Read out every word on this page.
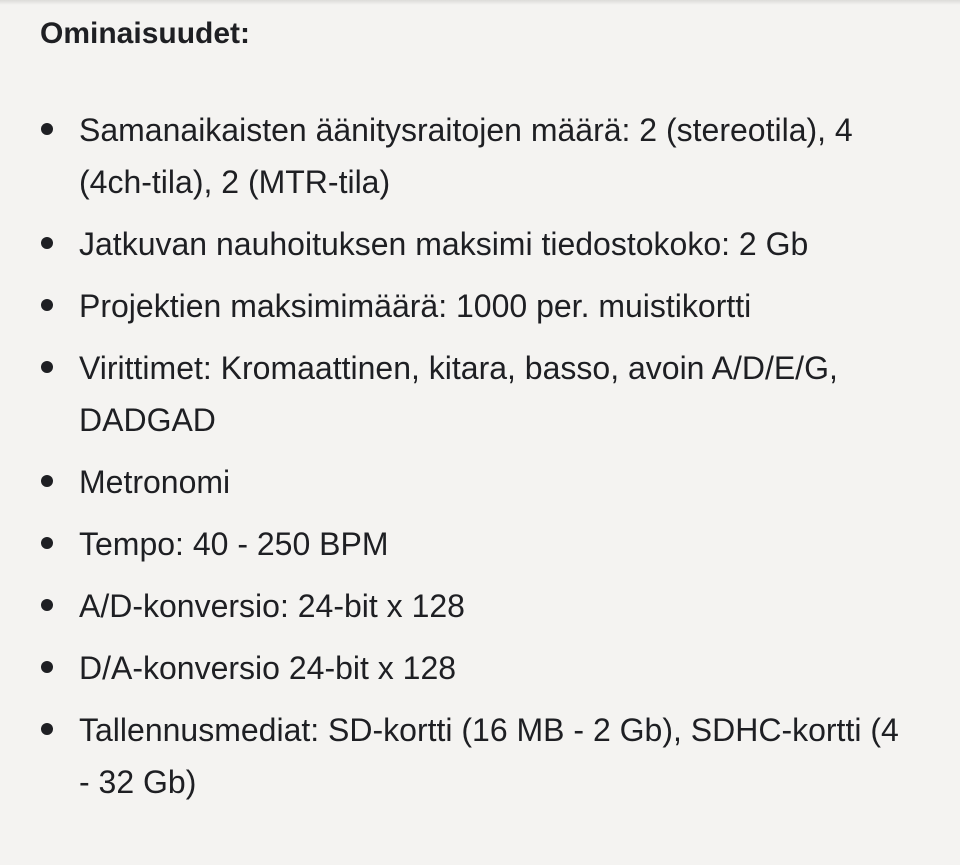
Ominaisuudet:
Samanaikaisten äänitysraitojen määrä: 2 (stereotila), 4 (4ch-tila), 2 (MTR-tila)
Jatkuvan nauhoituksen maksimi tiedostokoko: 2 Gb
Projektien maksimimäärä: 1000 per. muistikortti
Virittimet: Kromaattinen, kitara, basso, avoin A/D/E/G, DADGAD
Metronomi
Tempo: 40 - 250 BPM
A/D-konversio: 24-bit x 128
D/A-konversio 24-bit x 128
Tallennusmediat: SD-kortti (16 MB - 2 Gb), SDHC-kortti (4 - 32 Gb)
